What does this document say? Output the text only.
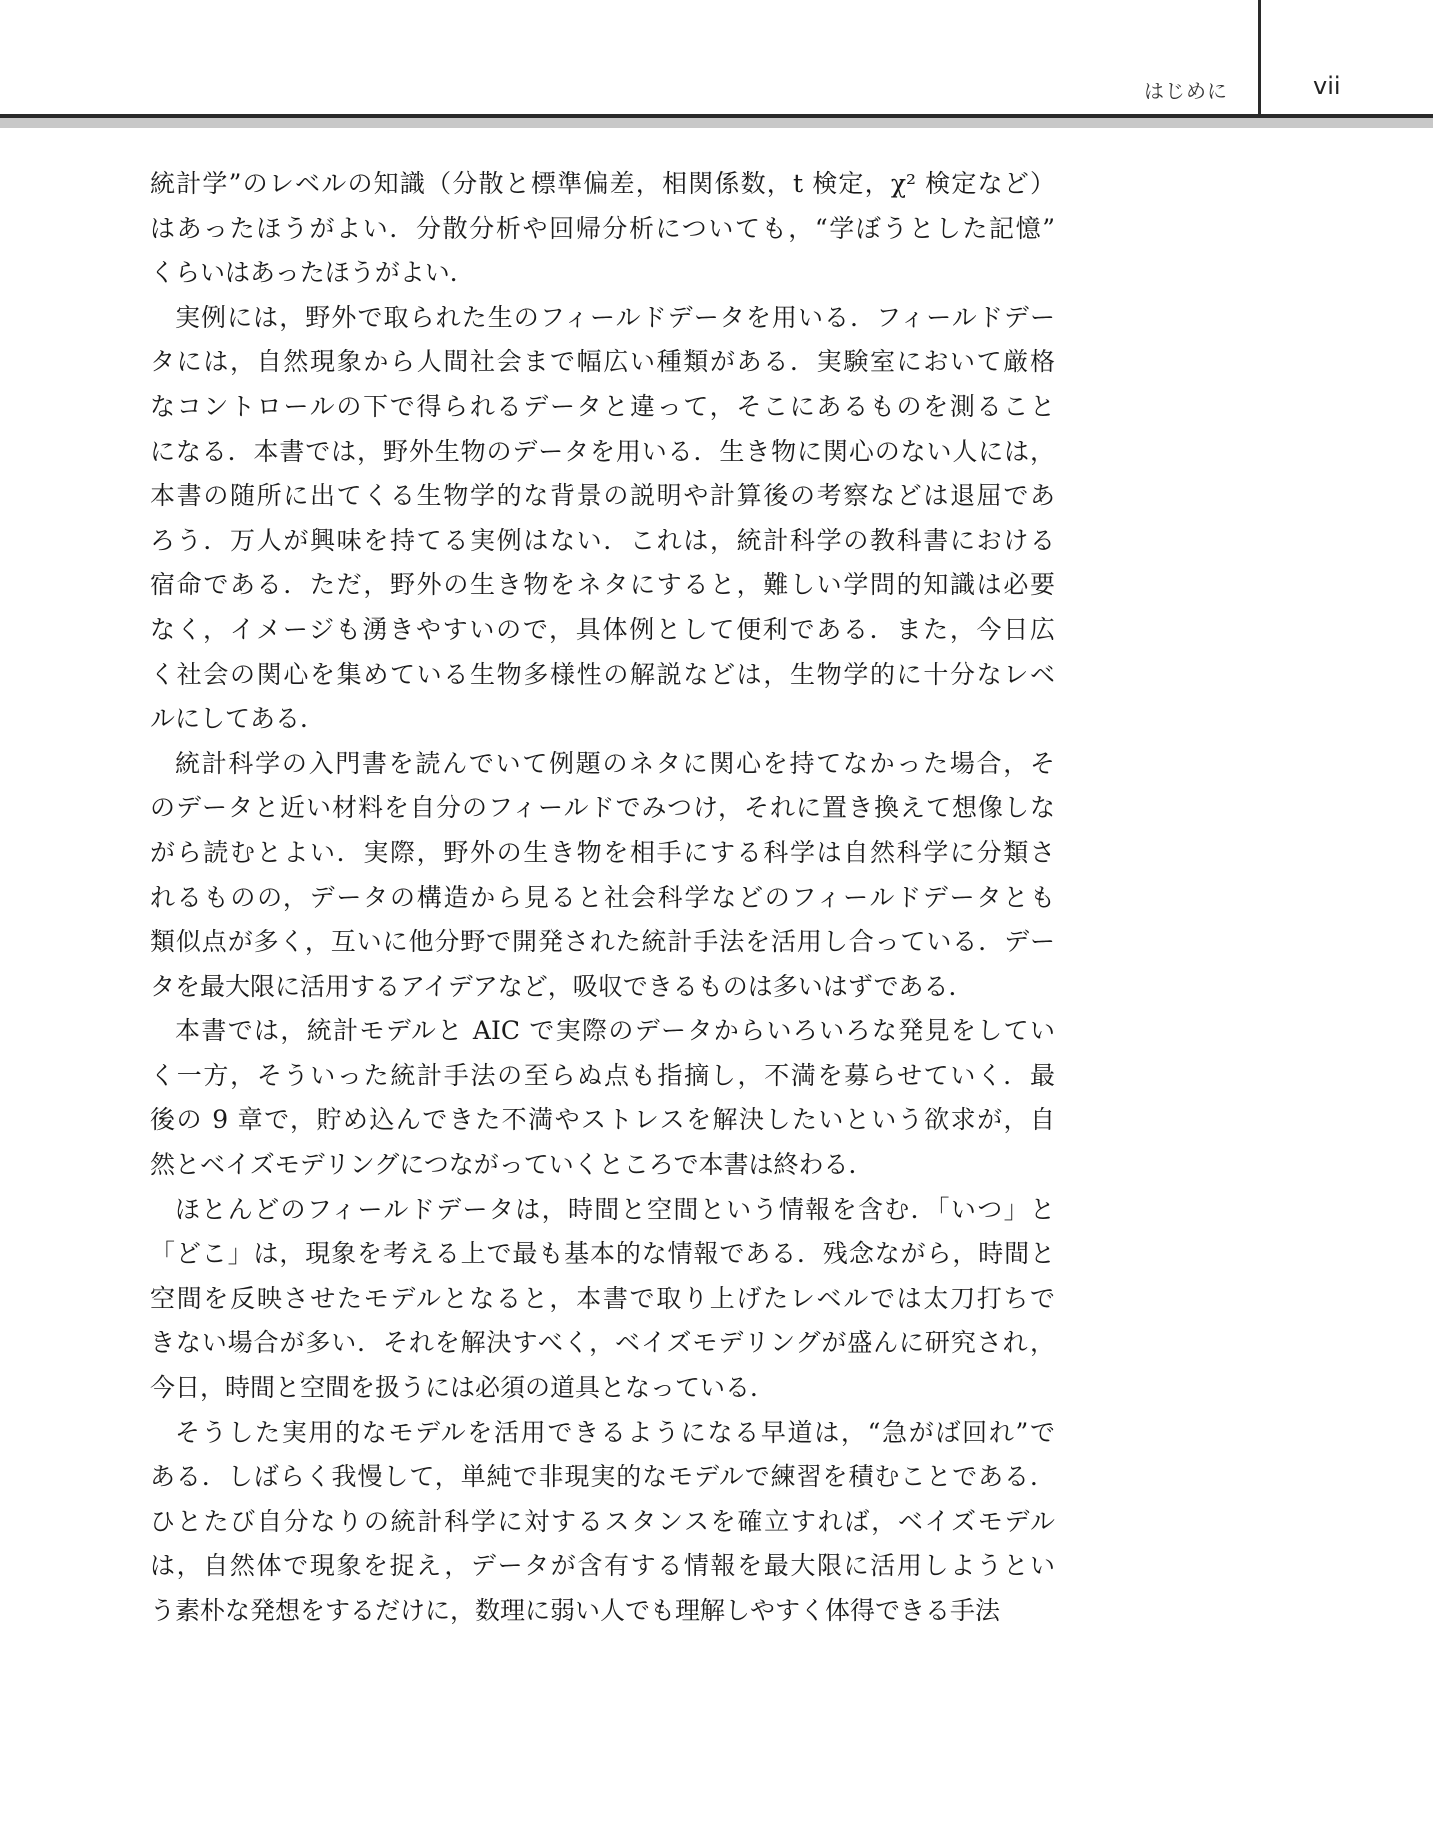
はじめに	vii
統計学”のレベルの知識（分散と標準偏差，相関係数，t 検定，χ² 検定など）
はあったほうがよい．分散分析や回帰分析についても，“学ぼうとした記憶”
くらいはあったほうがよい．
実例には，野外で取られた生のフィールドデータを用いる．フィールドデー
タには，自然現象から人間社会まで幅広い種類がある．実験室において厳格
なコントロールの下で得られるデータと違って，そこにあるものを測ること
になる．本書では，野外生物のデータを用いる．生き物に関心のない人には，
本書の随所に出てくる生物学的な背景の説明や計算後の考察などは退屈であ
ろう．万人が興味を持てる実例はない．これは，統計科学の教科書における
宿命である．ただ，野外の生き物をネタにすると，難しい学問的知識は必要
なく，イメージも湧きやすいので，具体例として便利である．また，今日広
く社会の関心を集めている生物多様性の解説などは，生物学的に十分なレベ
ルにしてある．
統計科学の入門書を読んでいて例題のネタに関心を持てなかった場合，そ
のデータと近い材料を自分のフィールドでみつけ，それに置き換えて想像しな
がら読むとよい．実際，野外の生き物を相手にする科学は自然科学に分類さ
れるものの，データの構造から見ると社会科学などのフィールドデータとも
類似点が多く，互いに他分野で開発された統計手法を活用し合っている．デー
タを最大限に活用するアイデアなど，吸収できるものは多いはずである．
本書では，統計モデルと AIC で実際のデータからいろいろな発見をしてい
く一方，そういった統計手法の至らぬ点も指摘し，不満を募らせていく．最
後の 9 章で，貯め込んできた不満やストレスを解決したいという欲求が，自
然とベイズモデリングにつながっていくところで本書は終わる．
ほとんどのフィールドデータは，時間と空間という情報を含む．「いつ」と
「どこ」は，現象を考える上で最も基本的な情報である．残念ながら，時間と
空間を反映させたモデルとなると，本書で取り上げたレベルでは太刀打ちで
きない場合が多い．それを解決すべく，ベイズモデリングが盛んに研究され，
今日，時間と空間を扱うには必須の道具となっている．
そうした実用的なモデルを活用できるようになる早道は，“急がば回れ”で
ある．しばらく我慢して，単純で非現実的なモデルで練習を積むことである．
ひとたび自分なりの統計科学に対するスタンスを確立すれば，ベイズモデル
は，自然体で現象を捉え，データが含有する情報を最大限に活用しようとい
う素朴な発想をするだけに，数理に弱い人でも理解しやすく体得できる手法
